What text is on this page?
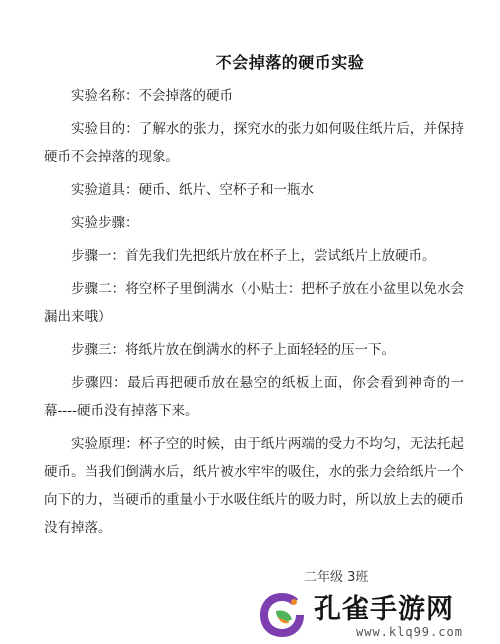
不会掉落的硬币实验

实验名称：不会掉落的硬币

实验目的：了解水的张力，探究水的张力如何吸住纸片后，并保持硬币不会掉落的现象。

实验道具：硬币、纸片、空杯子和一瓶水

实验步骤：

步骤一：首先我们先把纸片放在杯子上，尝试纸片上放硬币。

步骤二：将空杯子里倒满水（小贴士：把杯子放在小盆里以免水会漏出来哦）

步骤三：将纸片放在倒满水的杯子上面轻轻的压一下。

步骤四：最后再把硬币放在悬空的纸板上面，你会看到神奇的一幕----硬币没有掉落下来。

实验原理：杯子空的时候，由于纸片两端的受力不均匀，无法托起硬币。当我们倒满水后，纸片被水牢牢的吸住，水的张力会给纸片一个向下的力，当硬币的重量小于水吸住纸片的吸力时，所以放上去的硬币没有掉落。

二年级 3班
孔雀手游网
www.klq99.com
